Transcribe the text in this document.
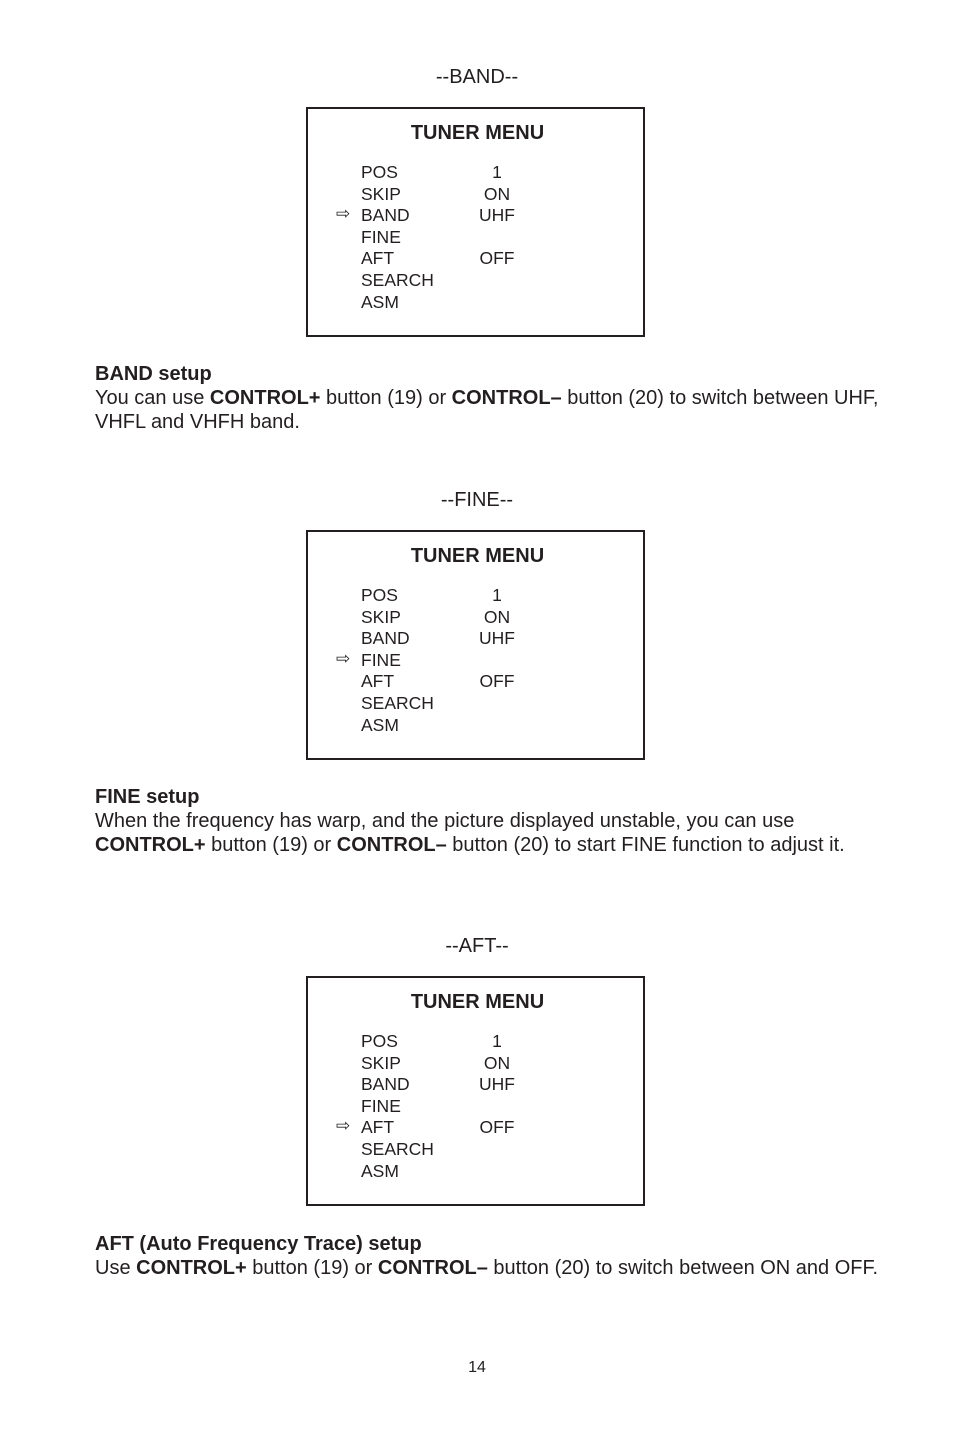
--BAND--
TUNER MENU
POS	1
SKIP	ON
⇨ BAND	UHF
FINE
AFT	OFF
SEARCH
ASM
BAND setup
You can use CONTROL+ button (19) or CONTROL– button (20) to switch between UHF, VHFL and VHFH band.
--FINE--
TUNER MENU
POS	1
SKIP	ON
BAND	UHF
⇨ FINE
AFT	OFF
SEARCH
ASM
FINE setup
When the frequency has warp, and the picture displayed unstable, you can use CONTROL+ button (19) or CONTROL– button (20) to start FINE function to adjust it.
--AFT--
TUNER MENU
POS	1
SKIP	ON
BAND	UHF
FINE
⇨ AFT	OFF
SEARCH
ASM
AFT (Auto Frequency Trace) setup
Use CONTROL+ button (19) or CONTROL– button (20) to switch between ON and OFF.
14
